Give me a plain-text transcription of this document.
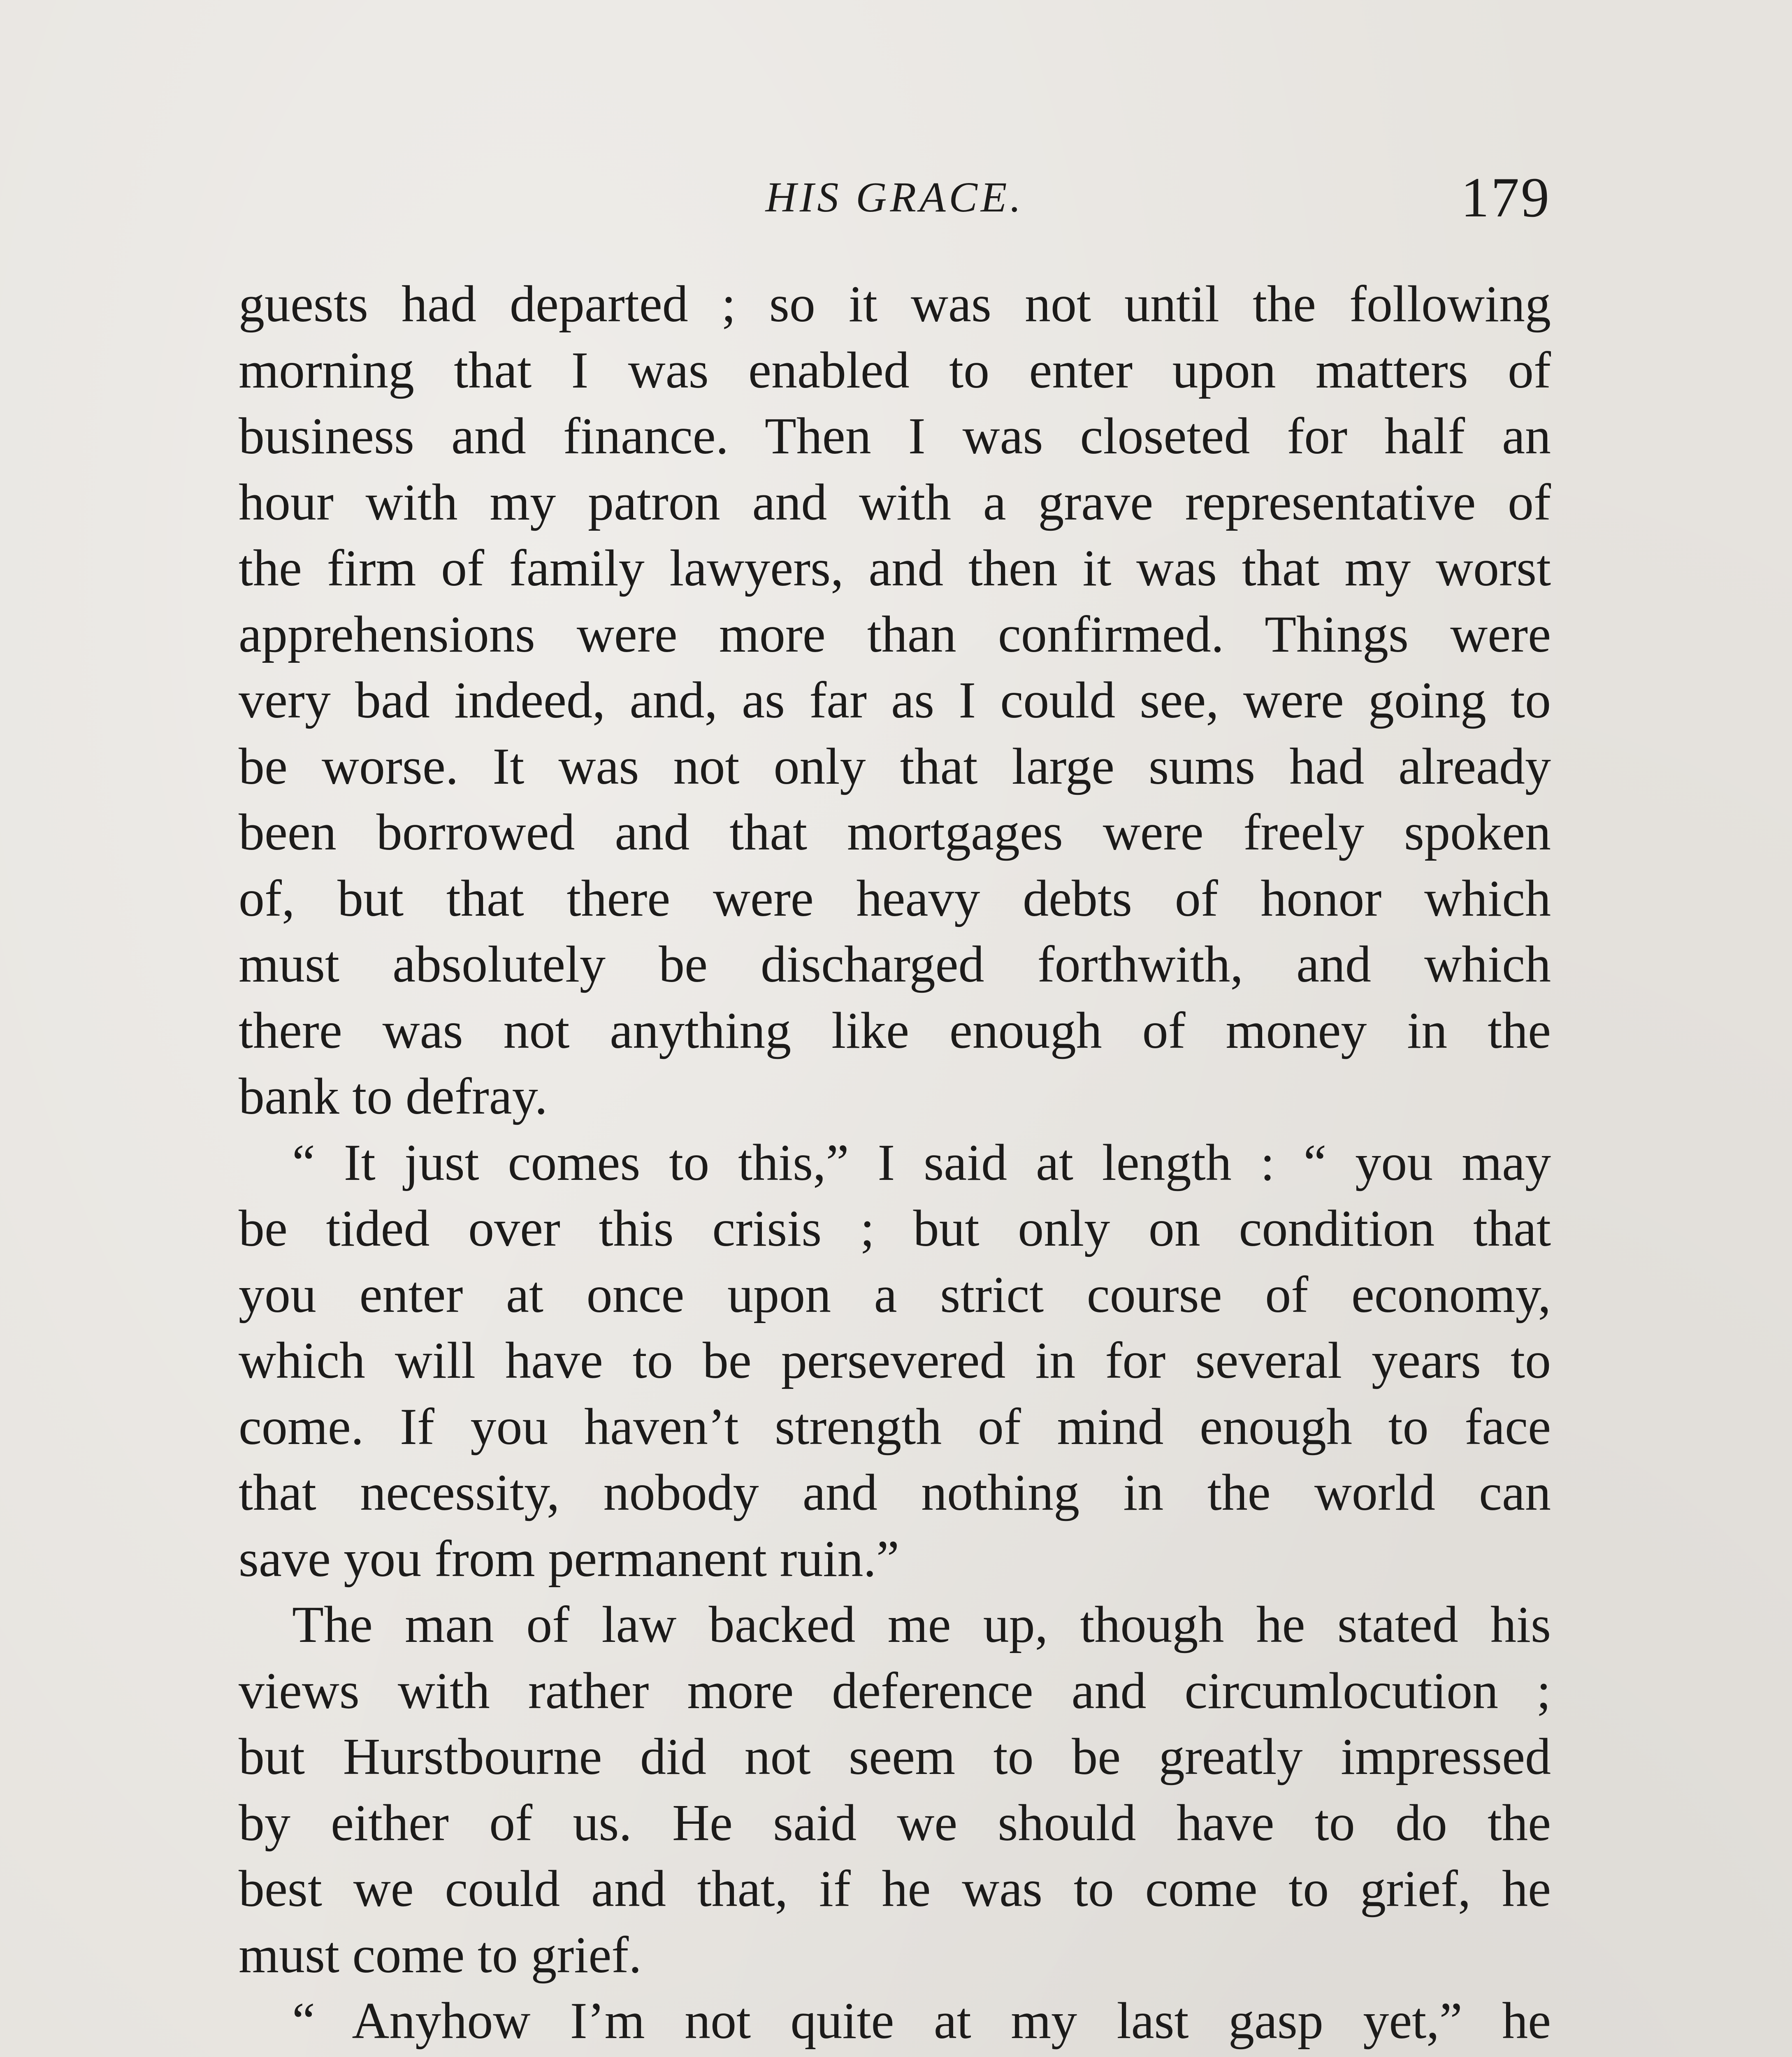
HIS GRACE.	179
guests had departed ; so it was not until the following
morning that I was enabled to enter upon matters of
business and finance. Then I was closeted for half an
hour with my patron and with a grave representative of
the firm of family lawyers, and then it was that my worst
apprehensions were more than confirmed. Things were
very bad indeed, and, as far as I could see, were going to
be worse. It was not only that large sums had already
been borrowed and that mortgages were freely spoken
of, but that there were heavy debts of honor which
must absolutely be discharged forthwith, and which
there was not anything like enough of money in the
bank to defray.
“ It just comes to this,” I said at length : “ you may
be tided over this crisis ; but only on condition that
you enter at once upon a strict course of economy,
which will have to be persevered in for several years to
come. If you haven’t strength of mind enough to face
that necessity, nobody and nothing in the world can
save you from permanent ruin.”
The man of law backed me up, though he stated his
views with rather more deference and circumlocution ;
but Hurstbourne did not seem to be greatly impressed
by either of us. He said we should have to do the
best we could and that, if he was to come to grief, he
must come to grief.
“ Anyhow I’m not quite at my last gasp yet,” he
